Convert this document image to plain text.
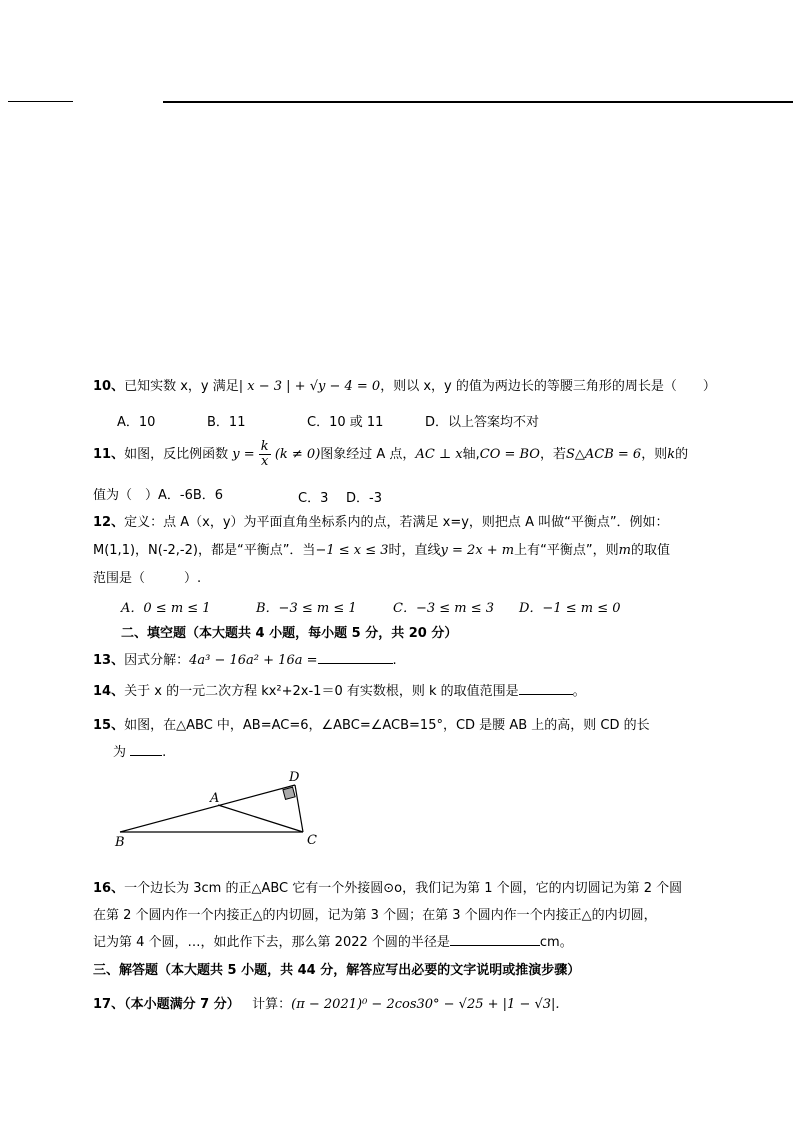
10、已知实数 x，y 满足| x − 3 | + √y − 4 = 0，则以 x，y 的值为两边长的等腰三角形的周长是（　　）
A．10	B．11	C．10 或 11	D．以上答案均不对
11、如图，反比例函数 $y = \frac{k}{x} (k \ne 0)$图象经过 A 点，AC ⊥ x轴,CO = BO，若S△ACB = 6，则k的
值为（　）A．-6B．6	C．3 D．-3
12、定义：点 A（x，y）为平面直角坐标系内的点，若满足 x=y，则把点 A 叫做“平衡点”．例如：
M(1,1)，N(-2,-2)，都是“平衡点”．当−1 ≤ x ≤ 3时，直线y = 2x + m上有“平衡点”，则m的取值
范围是（　　　）.
A．0 ≤ m ≤ 1	B．−3 ≤ m ≤ 1	C．−3 ≤ m ≤ 3 D．−1 ≤ m ≤ 0
二、填空题（本大题共 4 小题，每小题 5 分，共 20 分）
13、因式分解：4a³ − 16a² + 16a =	.
14、关于 x 的一元二次方程 kx²+2x-1＝0 有实数根，则 k 的取值范围是	。
15、如图，在△ABC 中，AB=AC=6，∠ABC=∠ACB=15°，CD 是腰 AB 上的高，则 CD 的长
为	.
A
B	C
D
16、一个边长为 3cm 的正△ABC 它有一个外接圆⊙o，我们记为第 1 个圆，它的内切圆记为第 2 个圆
在第 2 个圆内作一个内接正△的内切圆，记为第 3 个圆；在第 3 个圆内作一个内接正△的内切圆，
记为第 4 个圆，…，如此作下去，那么第 2022 个圆的半径是	cm。
三、解答题（本大题共 5 小题，共 44 分，解答应写出必要的文字说明或推演步骤）
17、（本小题满分 7 分） 计算：(π − 2021)⁰ − 2cos30° − √25 + |1 − √3|.
